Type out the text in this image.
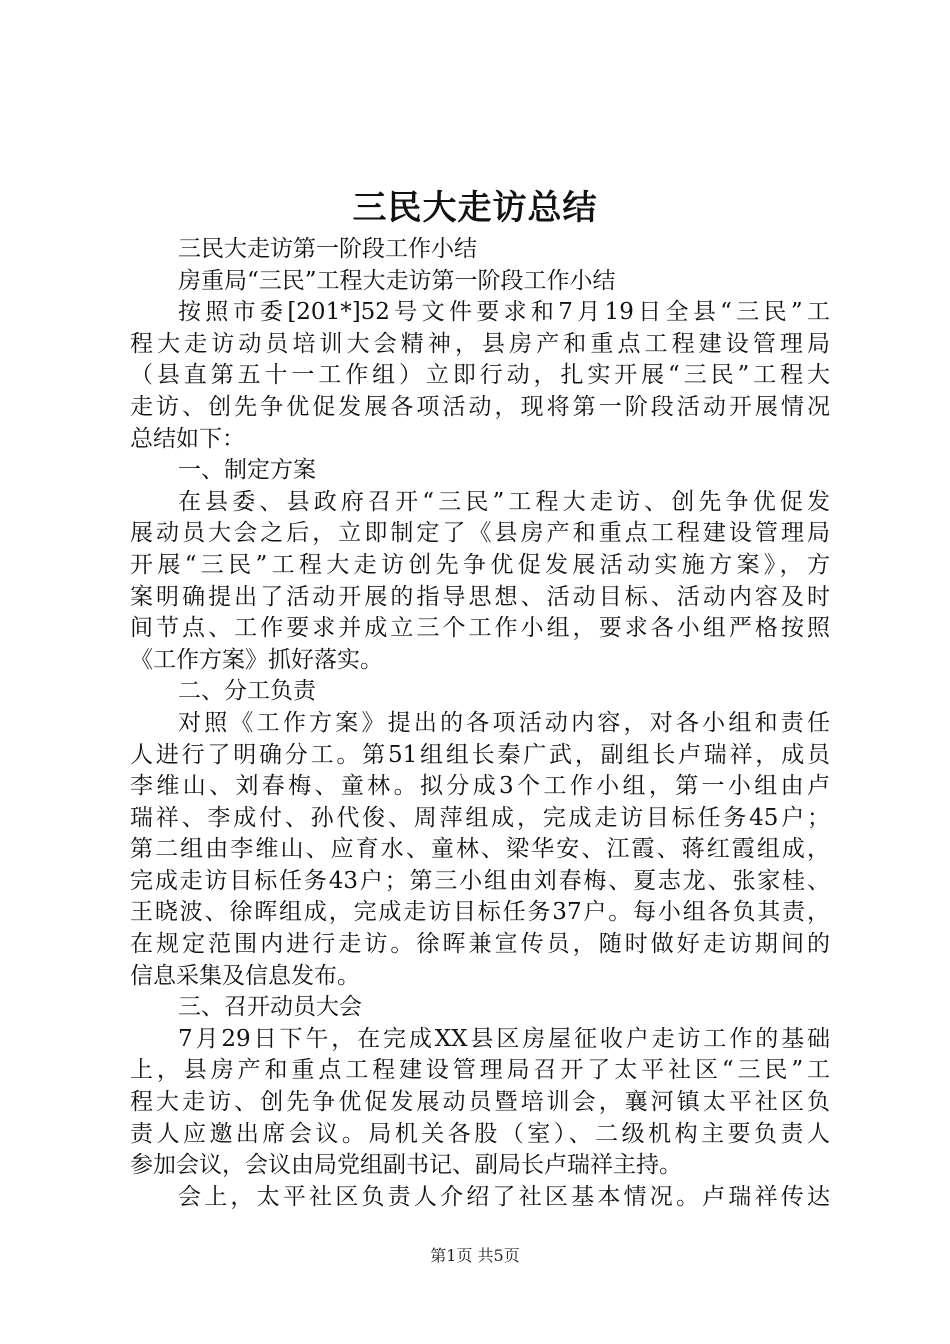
三民大走访总结
三民大走访第一阶段工作小结
房重局“三民”工程大走访第一阶段工作小结
按照市委[201*]52号文件要求和7月19日全县“三民”工
程大走访动员培训大会精神，县房产和重点工程建设管理局
（县直第五十一工作组）立即行动，扎实开展“三民”工程大
走访、创先争优促发展各项活动，现将第一阶段活动开展情况
总结如下：
一、制定方案
在县委、县政府召开“三民”工程大走访、创先争优促发
展动员大会之后，立即制定了《县房产和重点工程建设管理局
开展“三民”工程大走访创先争优促发展活动实施方案》，方
案明确提出了活动开展的指导思想、活动目标、活动内容及时
间节点、工作要求并成立三个工作小组，要求各小组严格按照
《工作方案》抓好落实。
二、分工负责
对照《工作方案》提出的各项活动内容，对各小组和责任
人进行了明确分工。第51组组长秦广武，副组长卢瑞祥，成员
李维山、刘春梅、童林。拟分成3个工作小组，第一小组由卢
瑞祥、李成付、孙代俊、周萍组成，完成走访目标任务45户；
第二组由李维山、应育水、童林、梁华安、江霞、蒋红霞组成，
完成走访目标任务43户；第三小组由刘春梅、夏志龙、张家桂、
王晓波、徐晖组成，完成走访目标任务37户。每小组各负其责，
在规定范围内进行走访。徐晖兼宣传员，随时做好走访期间的
信息采集及信息发布。
三、召开动员大会
7月29日下午，在完成XX县区房屋征收户走访工作的基础
上，县房产和重点工程建设管理局召开了太平社区“三民”工
程大走访、创先争优促发展动员暨培训会，襄河镇太平社区负
责人应邀出席会议。局机关各股（室）、二级机构主要负责人
参加会议，会议由局党组副书记、副局长卢瑞祥主持。
会上，太平社区负责人介绍了社区基本情况。卢瑞祥传达
第1页 共5页
